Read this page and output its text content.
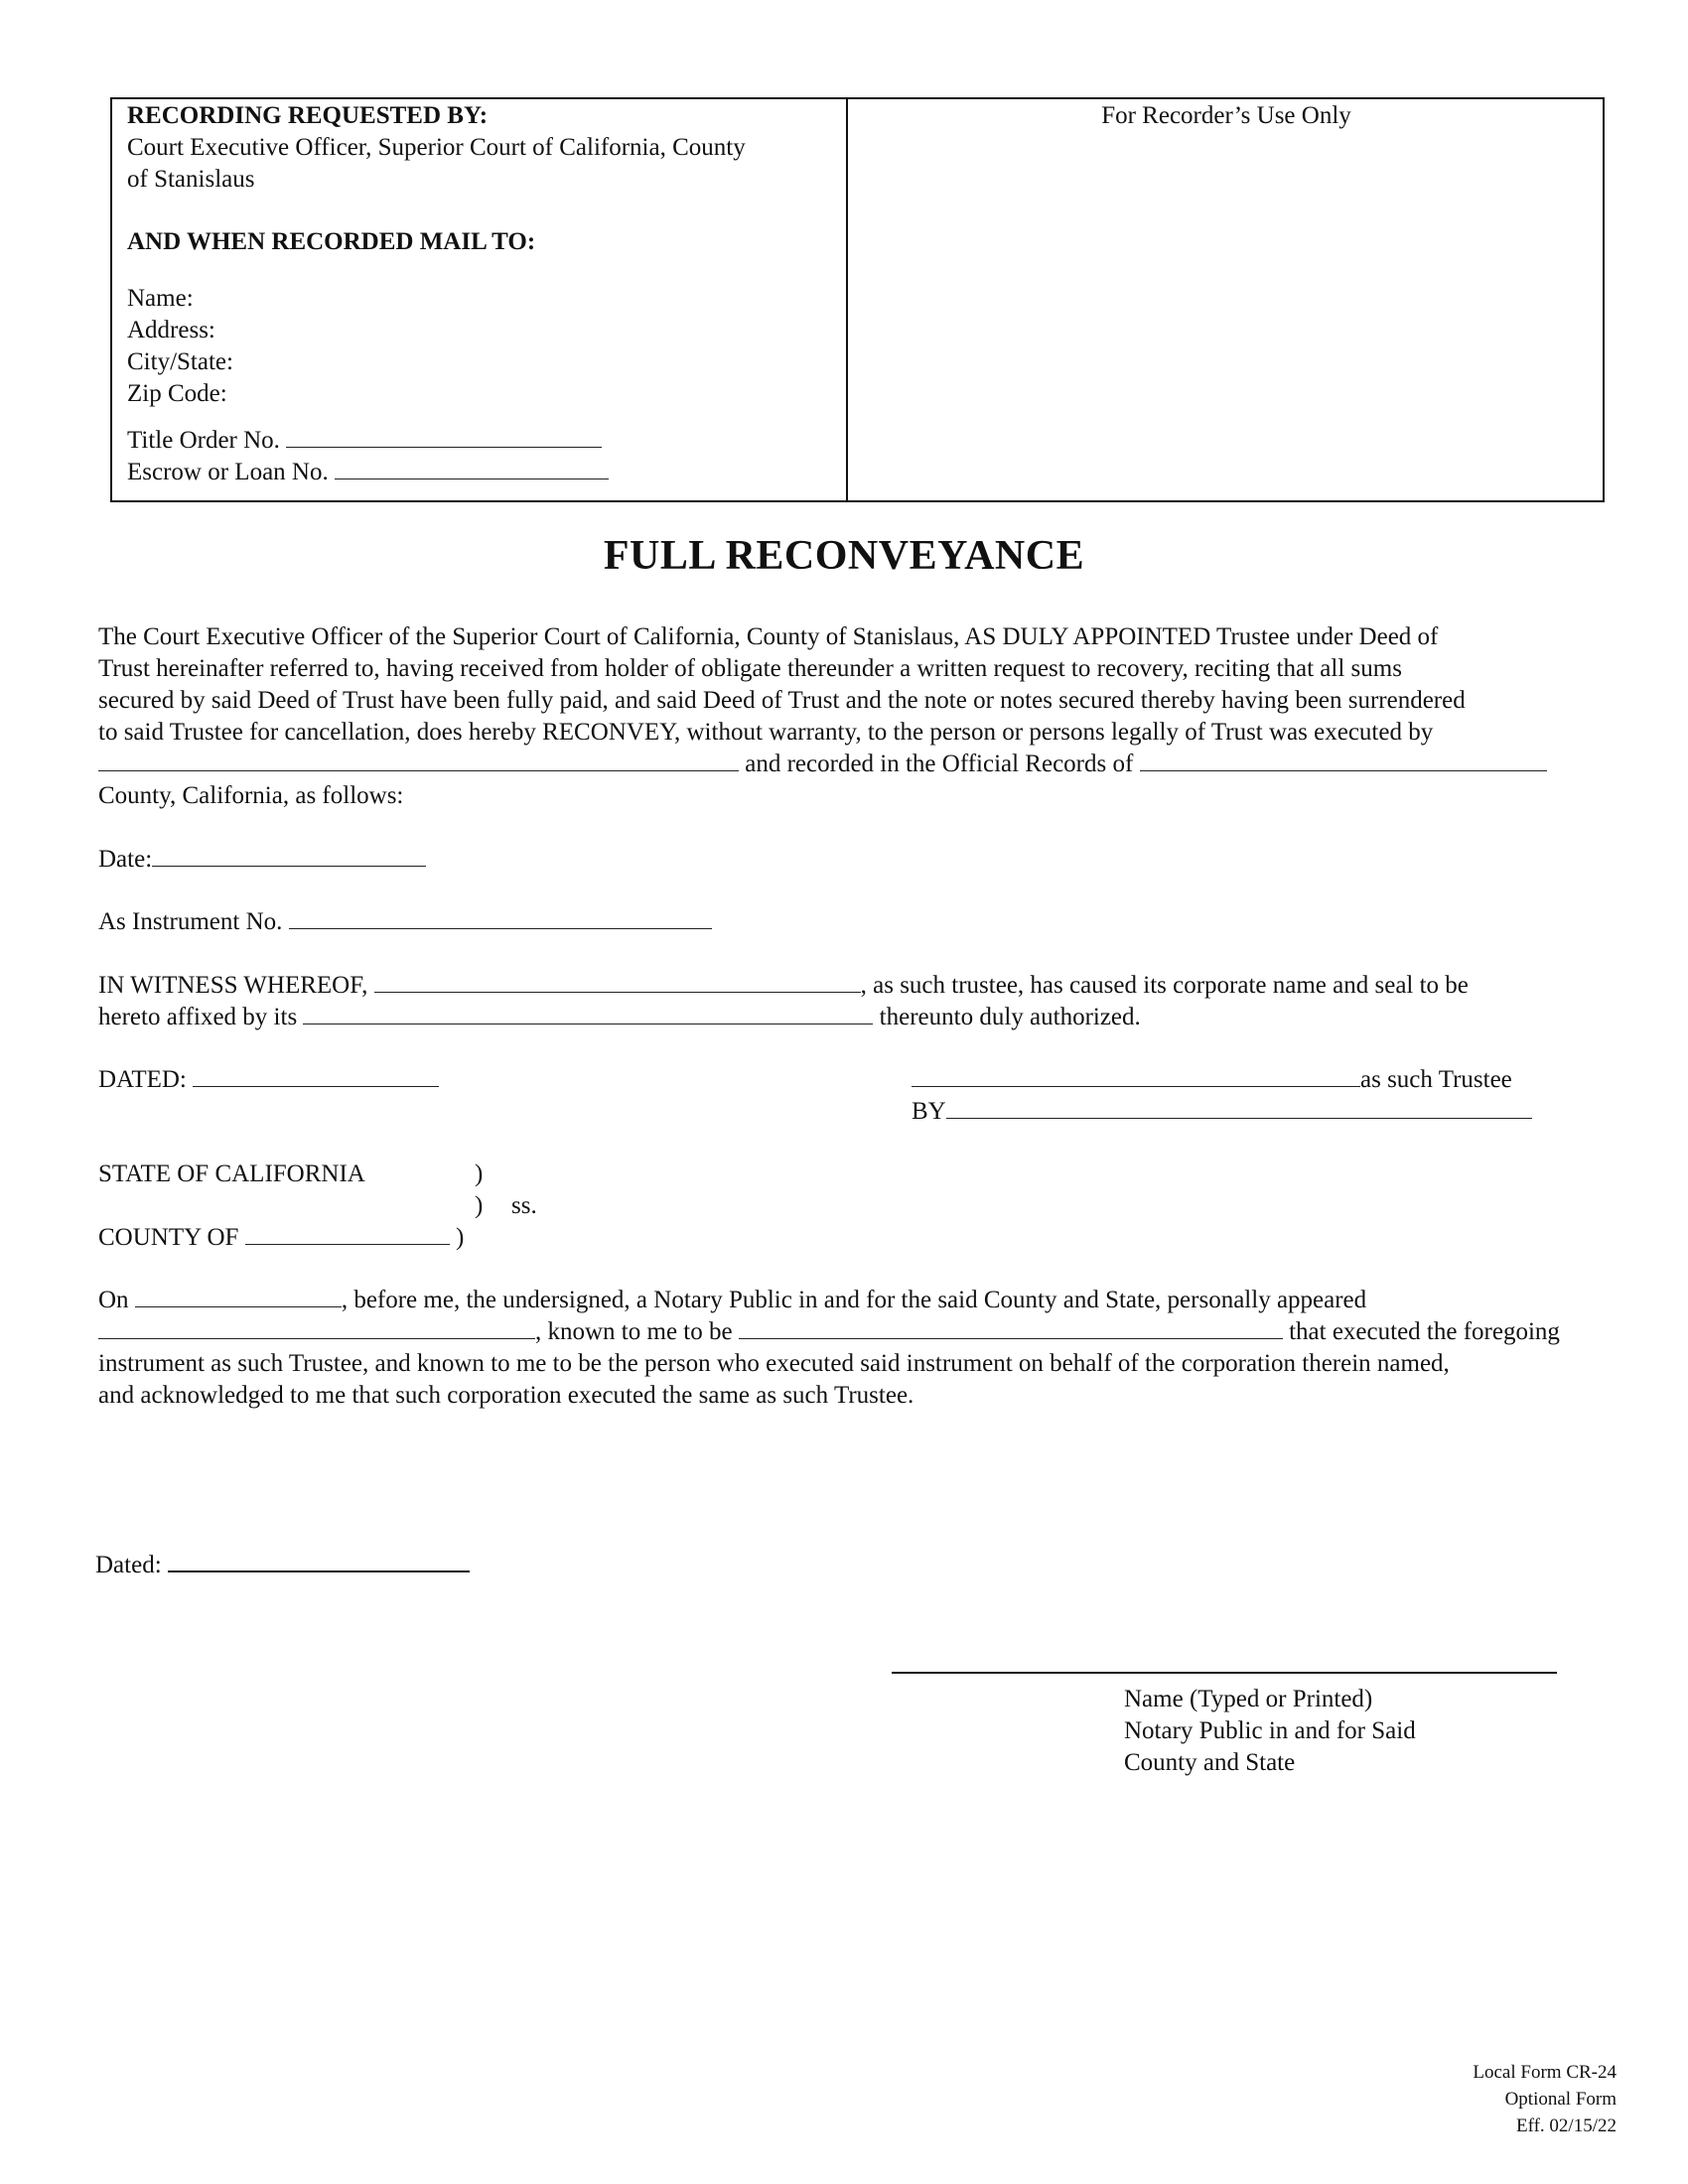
RECORDING REQUESTED BY:
Court Executive Officer, Superior Court of California, County
of Stanislaus
AND WHEN RECORDED MAIL TO:
Name:
Address:
City/State:
Zip Code:
Title Order No.
Escrow or Loan No.
For Recorder’s Use Only
FULL RECONVEYANCE
The Court Executive Officer of the Superior Court of California, County of Stanislaus, AS DULY APPOINTED Trustee under Deed of
Trust hereinafter referred to, having received from holder of obligate thereunder a written request to recovery, reciting that all sums
secured by said Deed of Trust have been fully paid, and said Deed of Trust and the note or notes secured thereby having been surrendered
to said Trustee for cancellation, does hereby RECONVEY, without warranty, to the person or persons legally of Trust was executed by
and recorded in the Official Records of
County, California, as follows:
Date:
As Instrument No.
IN WITNESS WHEREOF,	, as such trustee, has caused its corporate name and seal to be
hereto affixed by its	thereunto duly authorized.
DATED:	as such Trustee
BY
STATE OF CALIFORNIA	)
) ss.
COUNTY OF	)
On	, before me, the undersigned, a Notary Public in and for the said County and State, personally appeared
, known to me to be	that executed the foregoing
instrument as such Trustee, and known to me to be the person who executed said instrument on behalf of the corporation therein named,
and acknowledged to me that such corporation executed the same as such Trustee.
Dated:
Name (Typed or Printed)
Notary Public in and for Said
County and State
Local Form CR-24
Optional Form
Eff. 02/15/22
